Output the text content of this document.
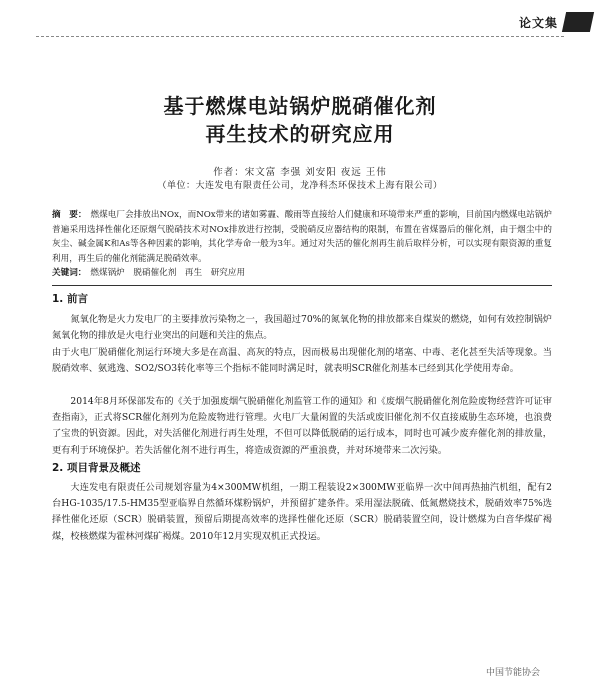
论文集
基于燃煤电站锅炉脱硝催化剂
再生技术的研究应用
作者：宋文富 李强 刘安阳 夜远 王伟
（单位：大连发电有限责任公司，龙净科杰环保技术上海有限公司）
摘　要： 燃煤电厂会排放出NOx，而NOx带来的诸如雾霾、酸雨等直接给人们健康和环境带来严重的影响，目前国内燃煤电站锅炉普遍采用选择性催化还原烟气脱硝技术对NOx排放进行控制，受脱硝反应器结构的限制，布置在省煤器后的催化剂，由于烟尘中的灰尘、碱金属K和As等各种因素的影响，其化学寿命一般为3年。通过对失活的催化剂再生前后取样分析，可以实现有限资源的重复利用，再生后的催化剂能满足脱硝效率。
关键词： 燃煤锅炉　脱硝催化剂　再生　研究应用
1. 前言
氮氧化物是火力发电厂的主要排放污染物之一，我国超过70%的氮氧化物的排放都来自煤炭的燃烧，如何有效控制锅炉氮氧化物的排放是火电行业突出的问题和关注的焦点。
由于火电厂脱硝催化剂运行环境大多是在高温、高灰的特点，因而极易出现催化剂的堵塞、中毒、老化甚至失活等现象。当脱硝效率、氨逃逸、SO2/SO3转化率等三个指标不能同时满足时，就表明SCR催化剂基本已经到其化学使用寿命。
2014年8月环保部发布的《关于加强废烟气脱硝催化剂监管工作的通知》和《废烟气脱硝催化剂危险废物经营许可证审查指南》，正式将SCR催化剂列为危险废物进行管理。火电厂大量闲置的失活或废旧催化剂不仅直接威胁生态环境，也浪费了宝贵的钒资源。因此，对失活催化剂进行再生处理，不但可以降低脱硝的运行成本，同时也可减少废弃催化剂的排放量，更有利于环境保护。若失活催化剂不进行再生，将造成资源的严重浪费，并对环境带来二次污染。
2. 项目背景及概述
大连发电有限责任公司规划容量为4×300MW机组，一期工程装设2×300MW亚临界一次中间再热抽汽机组，配有2台HG-1035/17.5-HM35型亚临界自然循环煤粉锅炉，并预留扩建条件。采用湿法脱硫、低氮燃烧技术，脱硝效率75%选择性催化还原（SCR）脱硝装置，预留后期提高效率的选择性催化还原（SCR）脱硝装置空间，设计燃煤为白音华煤矿褐煤，校核燃煤为霍林河煤矿褐煤。2010年12月实现双机正式投运。
中国节能协会
